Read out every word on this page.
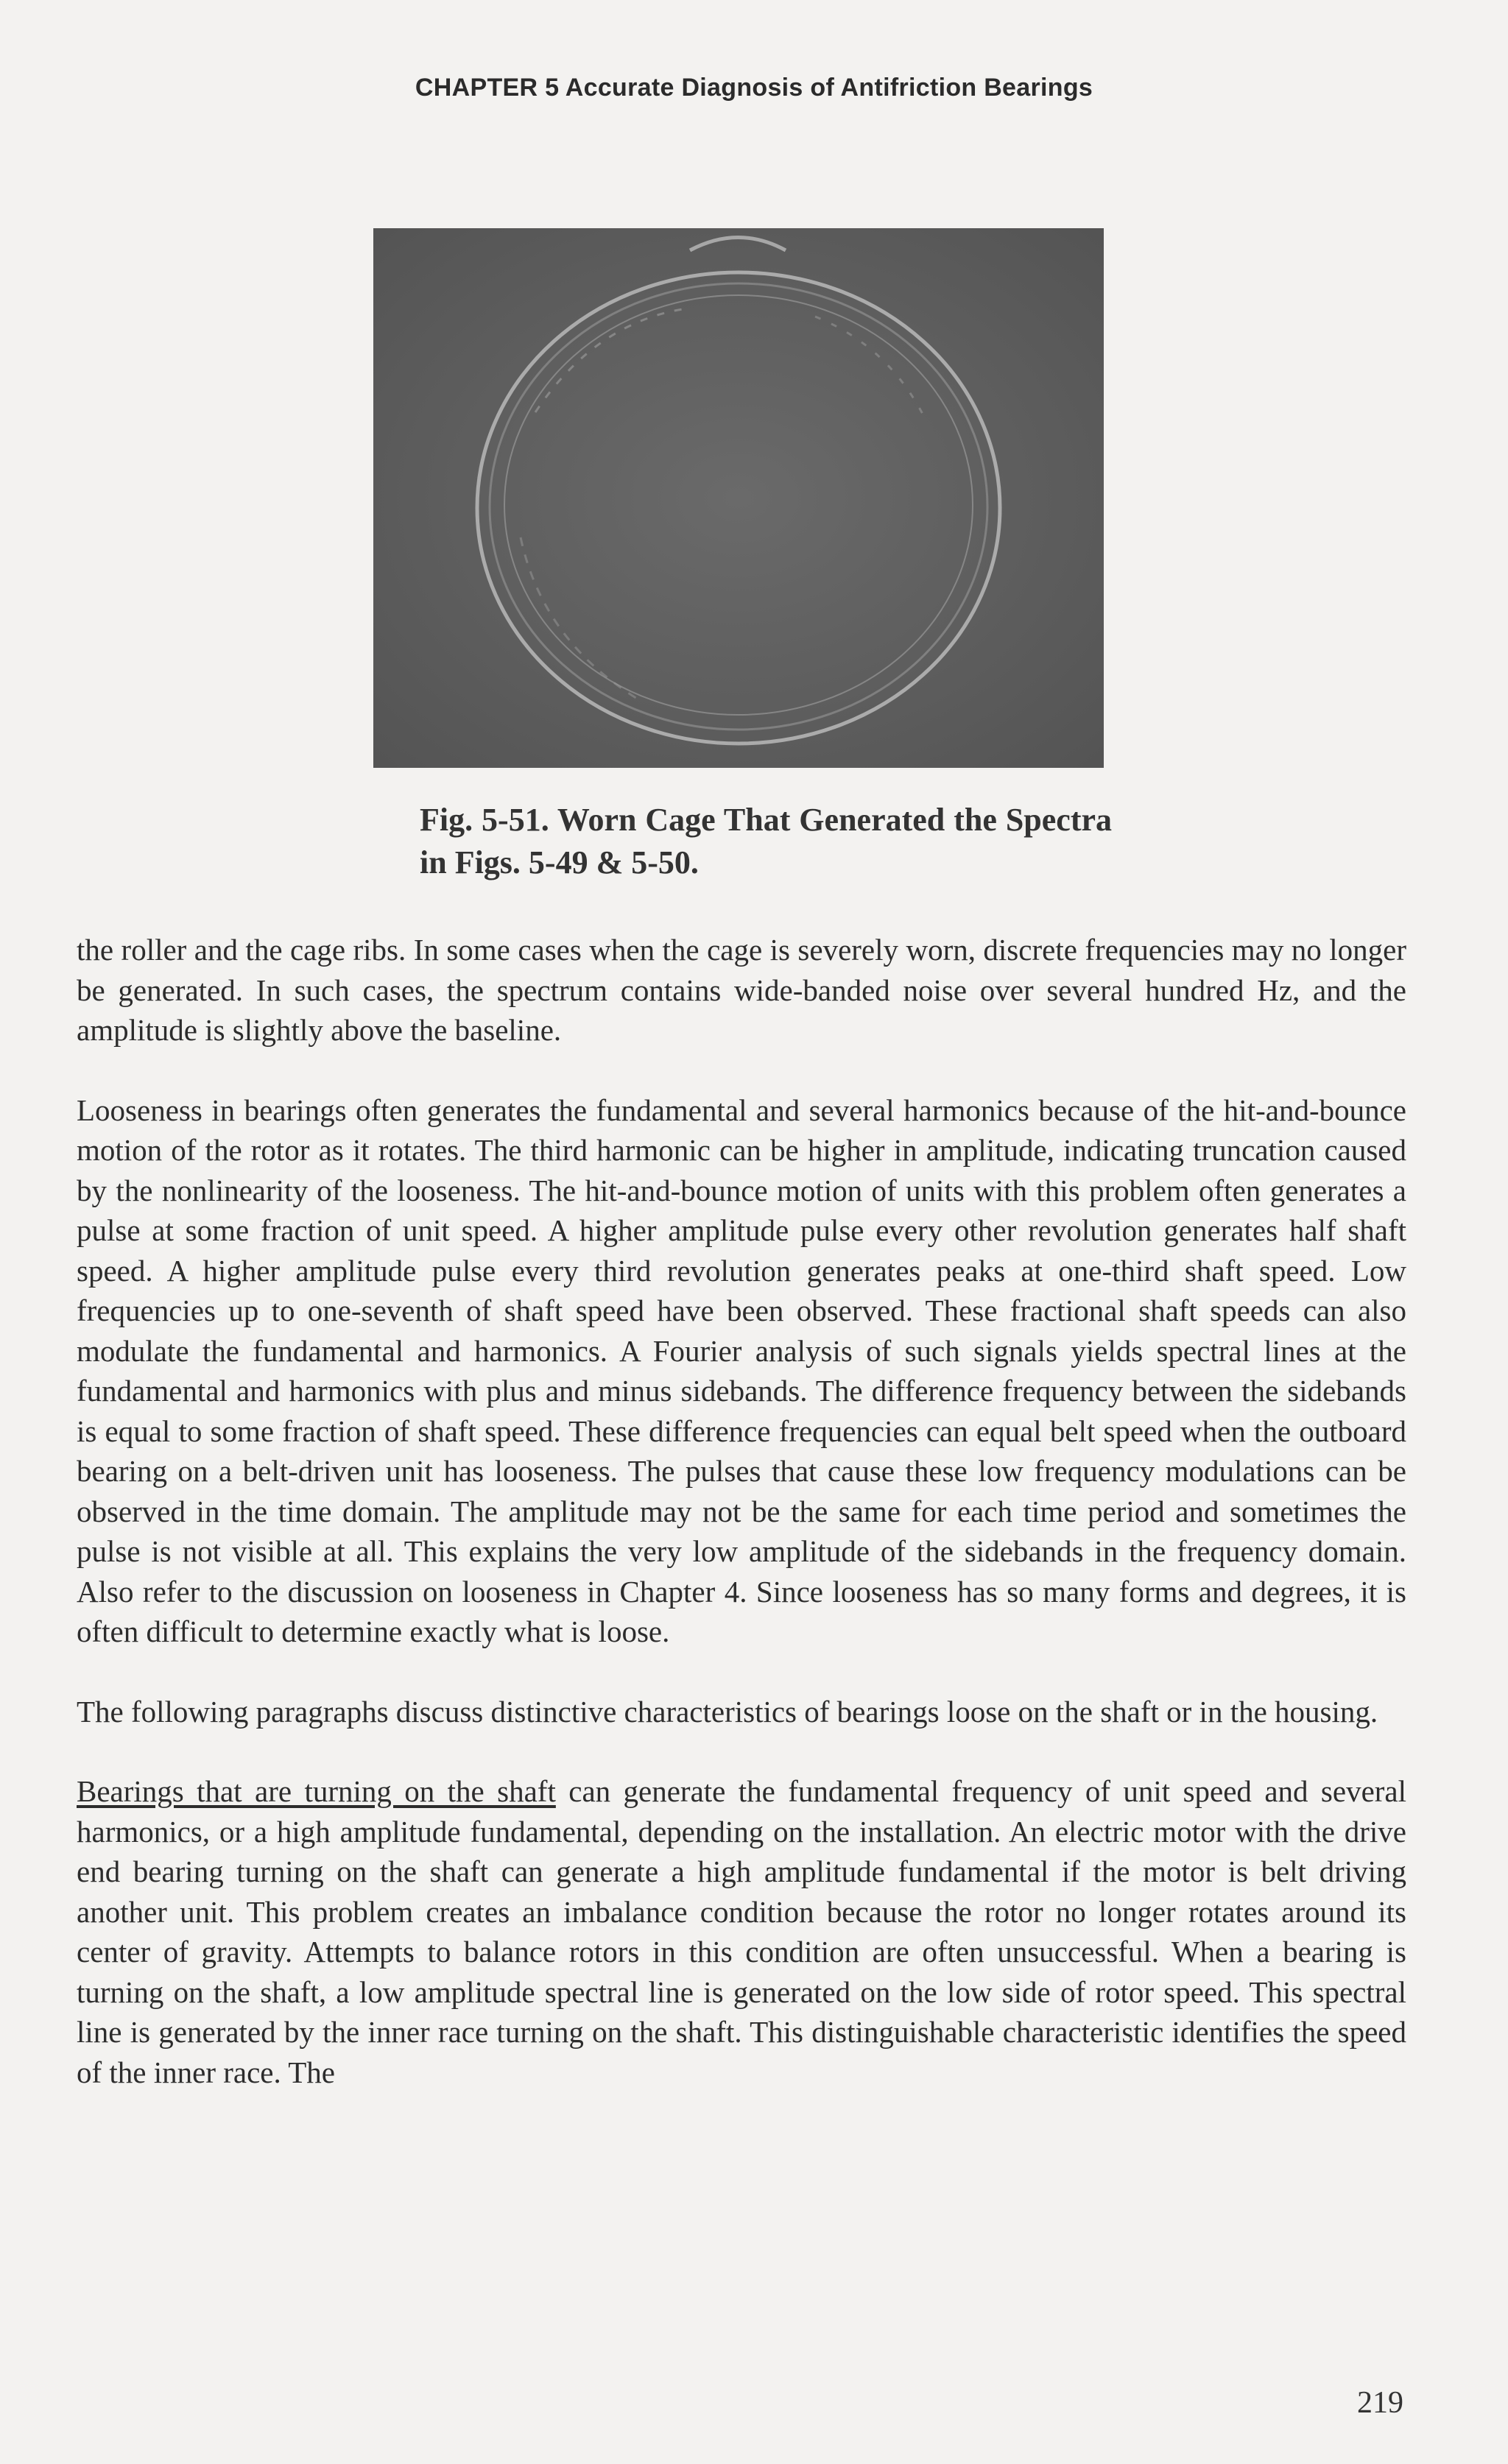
CHAPTER 5 Accurate Diagnosis of Antifriction Bearings
Fig. 5-51. Worn Cage That Generated the Spectra in Figs. 5-49 & 5-50.

the roller and the cage ribs. In some cases when the cage is severely worn, discrete frequencies may no longer be generated. In such cases, the spectrum contains wide-banded noise over several hundred Hz, and the amplitude is slightly above the baseline.

Looseness in bearings often generates the fundamental and several harmonics because of the hit-and-bounce motion of the rotor as it rotates. The third harmonic can be higher in amplitude, indicating truncation caused by the nonlinearity of the looseness. The hit-and-bounce motion of units with this problem often generates a pulse at some fraction of unit speed. A higher amplitude pulse every other revolution generates half shaft speed. A higher amplitude pulse every third revolution generates peaks at one-third shaft speed. Low frequencies up to one-seventh of shaft speed have been observed. These fractional shaft speeds can also modulate the fundamental and harmonics. A Fourier analysis of such signals yields spectral lines at the fundamental and harmonics with plus and minus sidebands. The difference frequency between the sidebands is equal to some fraction of shaft speed. These difference frequencies can equal belt speed when the outboard bearing on a belt-driven unit has looseness. The pulses that cause these low frequency modulations can be observed in the time domain. The amplitude may not be the same for each time period and sometimes the pulse is not visible at all. This explains the very low amplitude of the sidebands in the frequency domain. Also refer to the discussion on looseness in Chapter 4. Since looseness has so many forms and degrees, it is often difficult to determine exactly what is loose.

The following paragraphs discuss distinctive characteristics of bearings loose on the shaft or in the housing.

Bearings that are turning on the shaft can generate the fundamental frequency of unit speed and several harmonics, or a high amplitude fundamental, depending on the installation. An electric motor with the drive end bearing turning on the shaft can generate a high amplitude fundamental if the motor is belt driving another unit. This problem creates an imbalance condition because the rotor no longer rotates around its center of gravity. Attempts to balance rotors in this condition are often unsuccessful. When a bearing is turning on the shaft, a low amplitude spectral line is generated on the low side of rotor speed. This spectral line is generated by the inner race turning on the shaft. This distinguishable characteristic identifies the speed of the inner race. The

219
